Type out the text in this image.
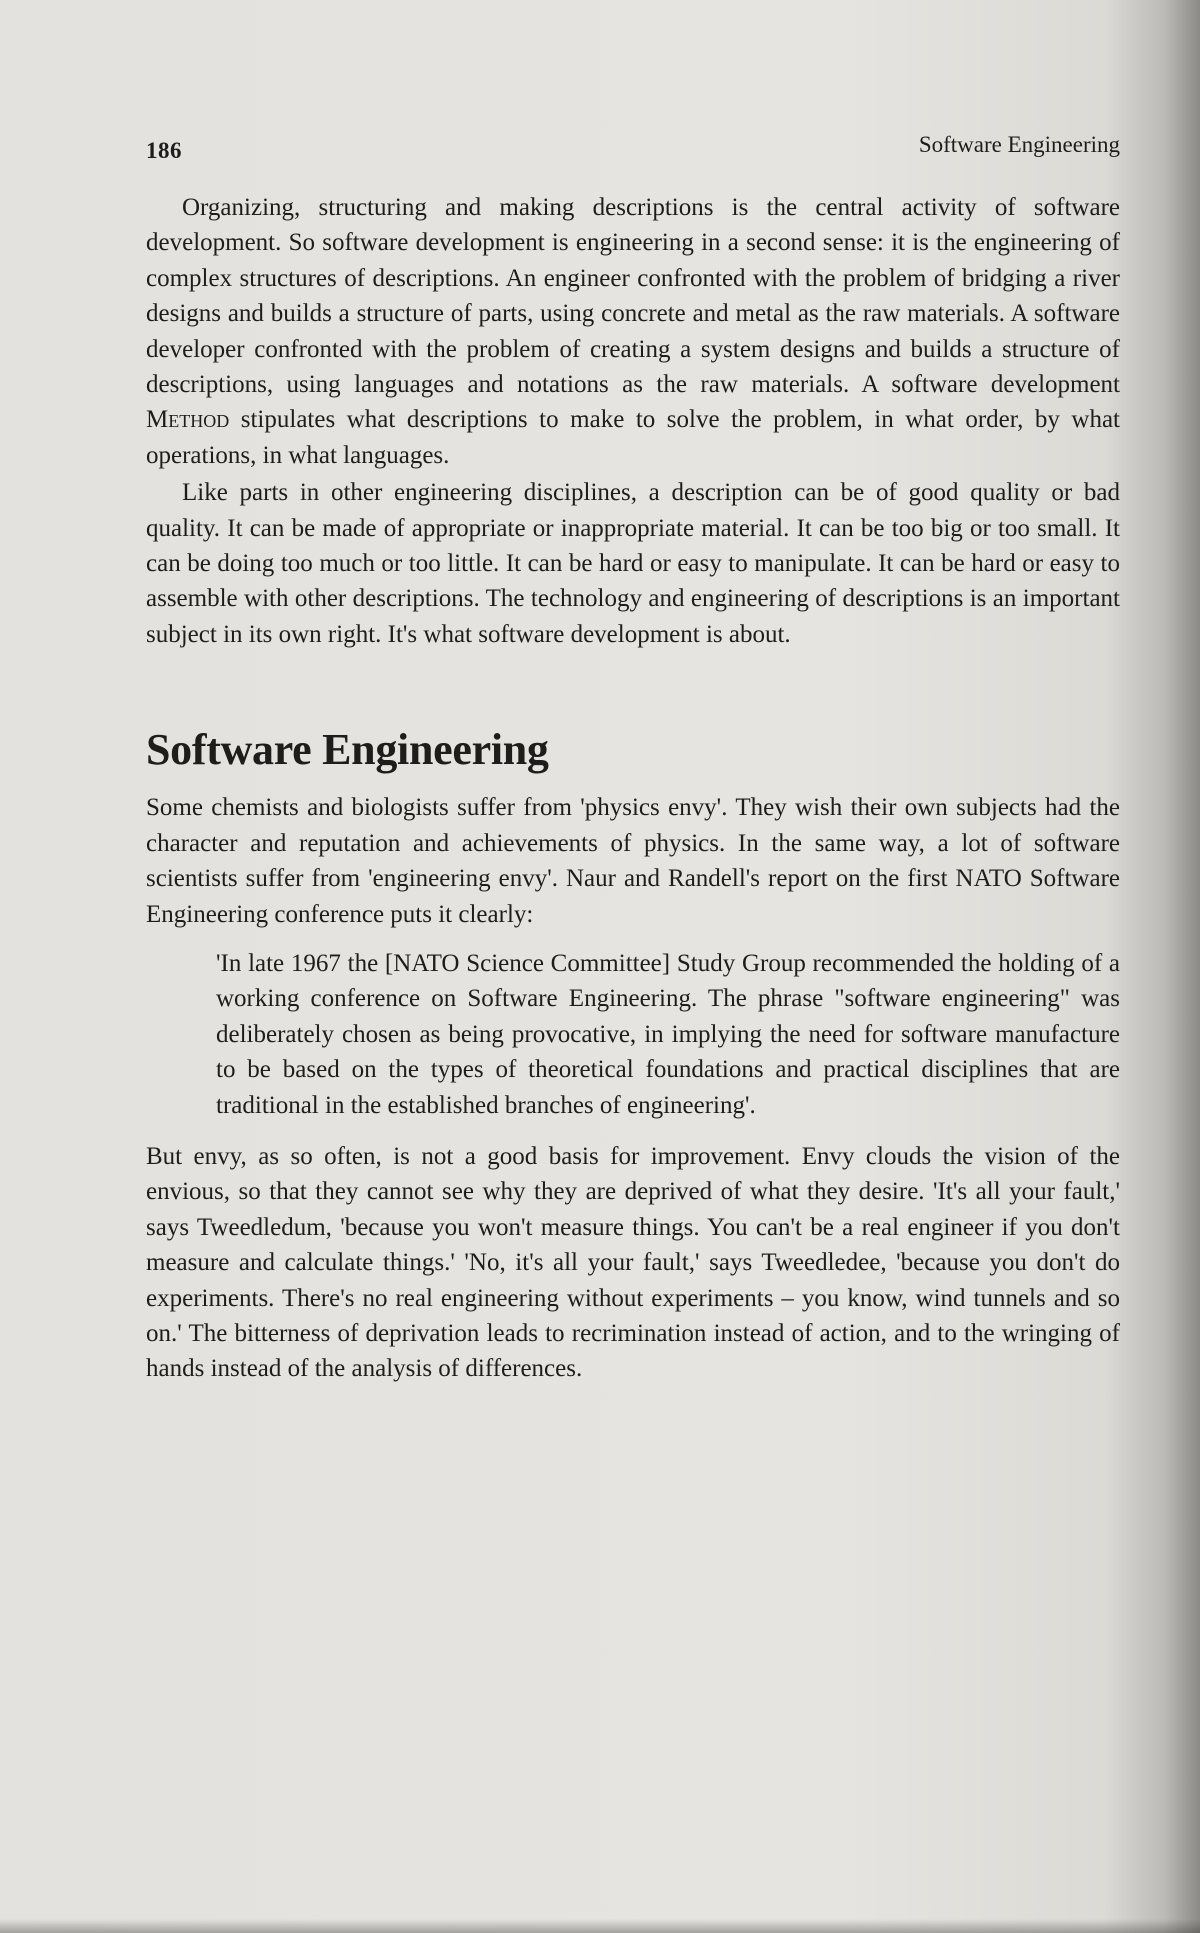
186	Software Engineering

Organizing, structuring and making descriptions is the central activity of software development. So software development is engineering in a second sense: it is the engineering of complex structures of descriptions. An engineer confronted with the problem of bridging a river designs and builds a structure of parts, using concrete and metal as the raw materials. A software developer confronted with the problem of creating a system designs and builds a structure of descriptions, using languages and notations as the raw materials. A software development Method stipulates what descriptions to make to solve the problem, in what order, by what operations, in what languages.

Like parts in other engineering disciplines, a description can be of good quality or bad quality. It can be made of appropriate or inappropriate material. It can be too big or too small. It can be doing too much or too little. It can be hard or easy to manipulate. It can be hard or easy to assemble with other descriptions. The technology and engineering of descriptions is an important subject in its own right. It's what software development is about.

Software Engineering

Some chemists and biologists suffer from 'physics envy'. They wish their own subjects had the character and reputation and achievements of physics. In the same way, a lot of software scientists suffer from 'engineering envy'. Naur and Randell's report on the first NATO Software Engineering conference puts it clearly:

'In late 1967 the [NATO Science Committee] Study Group recommended the holding of a working conference on Software Engineering. The phrase "software engineering" was deliberately chosen as being provocative, in implying the need for software manufacture to be based on the types of theoretical foundations and practical disciplines that are traditional in the established branches of engineering'.

But envy, as so often, is not a good basis for improvement. Envy clouds the vision of the envious, so that they cannot see why they are deprived of what they desire. 'It's all your fault,' says Tweedledum, 'because you won't measure things. You can't be a real engineer if you don't measure and calculate things.' 'No, it's all your fault,' says Tweedledee, 'because you don't do experiments. There's no real engineering without experiments – you know, wind tunnels and so on.' The bitterness of deprivation leads to recrimination instead of action, and to the wringing of hands instead of the analysis of differences.
